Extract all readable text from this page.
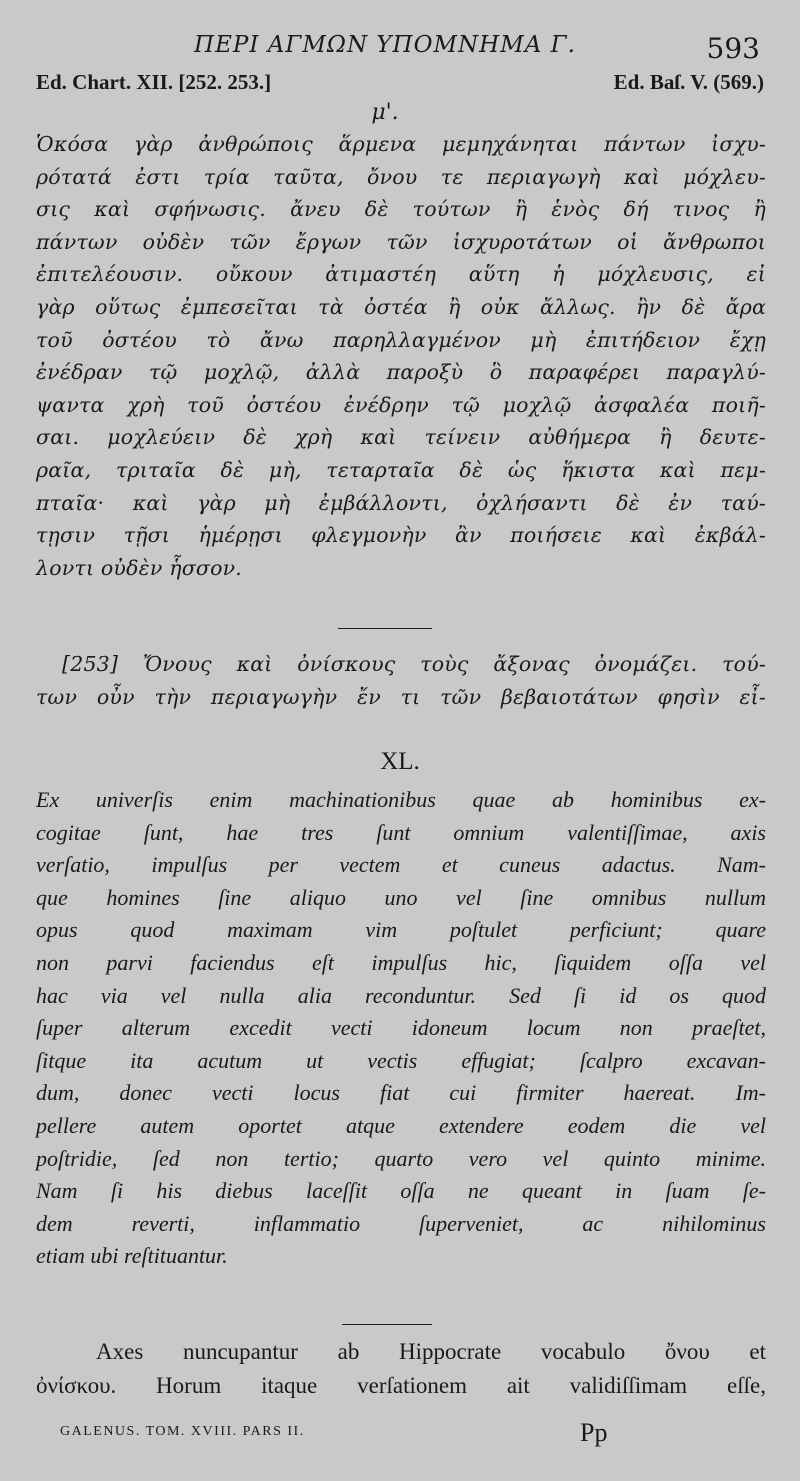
ΠΕΡΙ ΑΓΜΩΝ ΥΠΟΜΝΗΜΑ Γ.	593
Ed. Chart. XII. [252. 253.]	Ed. Baſ. V. (569.)
μ'.
Ὁκόσα γὰρ ἀνθρώποις ἅρμενα μεμηχάνηται πάντων ἰσχυ-
ρότατά ἐστι τρία ταῦτα, ὄνου τε περιαγωγὴ καὶ μόχλευ-
σις καὶ σφήνωσις. ἄνευ δὲ τούτων ἢ ἑνὸς δή τινος ἢ
πάντων οὐδὲν τῶν ἔργων τῶν ἰσχυροτάτων οἱ ἄνθρωποι
ἐπιτελέουσιν. οὔκουν ἀτιμαστέη αὕτη ἡ μόχλευσις, εἰ
γὰρ οὕτως ἐμπεσεῖται τὰ ὀστέα ἢ οὐκ ἄλλως. ἢν δὲ ἄρα
τοῦ ὀστέου τὸ ἄνω παρηλλαγμένον μὴ ἐπιτήδειον ἔχῃ
ἐνέδραν τῷ μοχλῷ, ἀλλὰ παροξὺ ὃ παραφέρει παραγλύ-
ψαντα χρὴ τοῦ ὀστέου ἐνέδρην τῷ μοχλῷ ἀσφαλέα ποιῆ-
σαι. μοχλεύειν δὲ χρὴ καὶ τείνειν αὐθήμερα ἢ δευτε-
ραῖα, τριταῖα δὲ μὴ, τεταρταῖα δὲ ὡς ἥκιστα καὶ πεμ-
πταῖα· καὶ γὰρ μὴ ἐμβάλλοντι, ὀχλήσαντι δὲ ἐν ταύ-
τῃσιν τῇσι ἡμέρῃσι φλεγμονὴν ἂν ποιήσειε καὶ ἐκβάλ-
λοντι οὐδὲν ἧσσον.
[253] Ὄνους καὶ ὀνίσκους τοὺς ἄξονας ὀνομάζει. τού-
των οὖν τὴν περιαγωγὴν ἔν τι τῶν βεβαιοτάτων φησὶν εἶ-
XL.
Ex univerſis enim machinationibus quae ab hominibus ex-
cogitae ſunt, hae tres ſunt omnium valentiſſimae, axis
verſatio, impulſus per vectem et cuneus adactus. Nam-
que homines ſine aliquo uno vel ſine omnibus nullum
opus quod maximam vim poſtulet perficiunt; quare
non parvi faciendus eſt impulſus hic, ſiquidem oſſa vel
hac via vel nulla alia reconduntur. Sed ſi id os quod
ſuper alterum excedit vecti idoneum locum non praeſtet,
ſitque ita acutum ut vectis effugiat; ſcalpro excavan-
dum, donec vecti locus fiat cui firmiter haereat. Im-
pellere autem oportet atque extendere eodem die vel
poſtridie, ſed non tertio; quarto vero vel quinto minime.
Nam ſi his diebus laceſſit oſſa ne queant in ſuam ſe-
dem reverti, inflammatio ſuperveniet, ac nihilominus
etiam ubi reſtituantur.
Axes nuncupantur ab Hippocrate vocabulo ὄνου et
ὀνίσκου. Horum itaque verſationem ait validiſſimam eſſe,
GALENUS. TOM. XVIII. PARS II.	Pp
